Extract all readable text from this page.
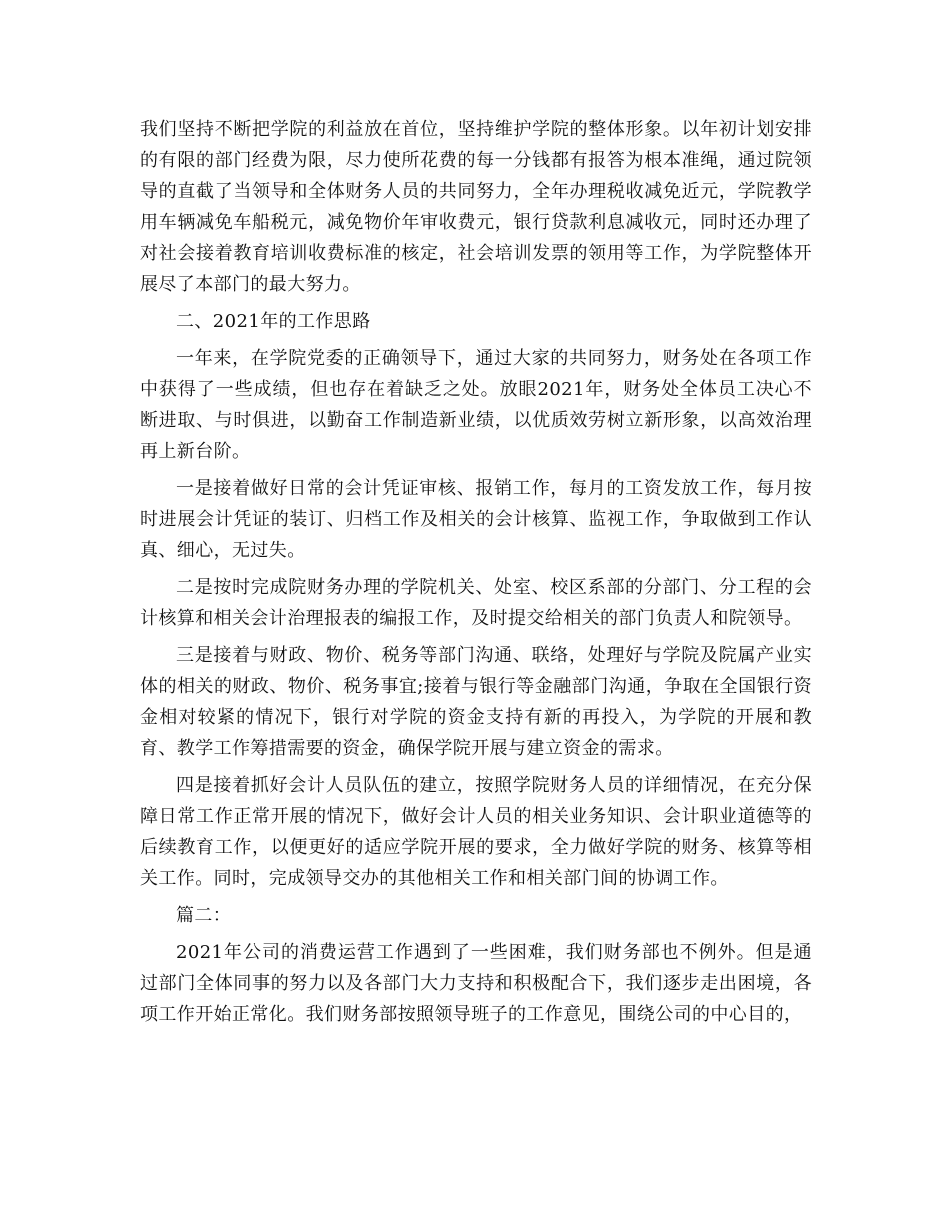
我们坚持不断把学院的利益放在首位，坚持维护学院的整体形象。以年初计划安排的有限的部门经费为限，尽力使所花费的每一分钱都有报答为根本准绳，通过院领导的直截了当领导和全体财务人员的共同努力，全年办理税收减免近元，学院教学用车辆减免车船税元，减免物价年审收费元，银行贷款利息减收元，同时还办理了对社会接着教育培训收费标准的核定，社会培训发票的领用等工作，为学院整体开展尽了本部门的最大努力。

二、2021年的工作思路

一年来，在学院党委的正确领导下，通过大家的共同努力，财务处在各项工作中获得了一些成绩，但也存在着缺乏之处。放眼2021年，财务处全体员工决心不断进取、与时俱进，以勤奋工作制造新业绩，以优质效劳树立新形象，以高效治理再上新台阶。

一是接着做好日常的会计凭证审核、报销工作，每月的工资发放工作，每月按时进展会计凭证的装订、归档工作及相关的会计核算、监视工作，争取做到工作认真、细心，无过失。

二是按时完成院财务办理的学院机关、处室、校区系部的分部门、分工程的会计核算和相关会计治理报表的编报工作，及时提交给相关的部门负责人和院领导。

三是接着与财政、物价、税务等部门沟通、联络，处理好与学院及院属产业实体的相关的财政、物价、税务事宜;接着与银行等金融部门沟通，争取在全国银行资金相对较紧的情况下，银行对学院的资金支持有新的再投入，为学院的开展和教育、教学工作筹措需要的资金，确保学院开展与建立资金的需求。

四是接着抓好会计人员队伍的建立，按照学院财务人员的详细情况，在充分保障日常工作正常开展的情况下，做好会计人员的相关业务知识、会计职业道德等的后续教育工作，以便更好的适应学院开展的要求，全力做好学院的财务、核算等相关工作。同时，完成领导交办的其他相关工作和相关部门间的协调工作。

篇二：

2021年公司的消费运营工作遇到了一些困难，我们财务部也不例外。但是通过部门全体同事的努力以及各部门大力支持和积极配合下，我们逐步走出困境，各项工作开始正常化。我们财务部按照领导班子的工作意见，围绕公司的中心目的，
